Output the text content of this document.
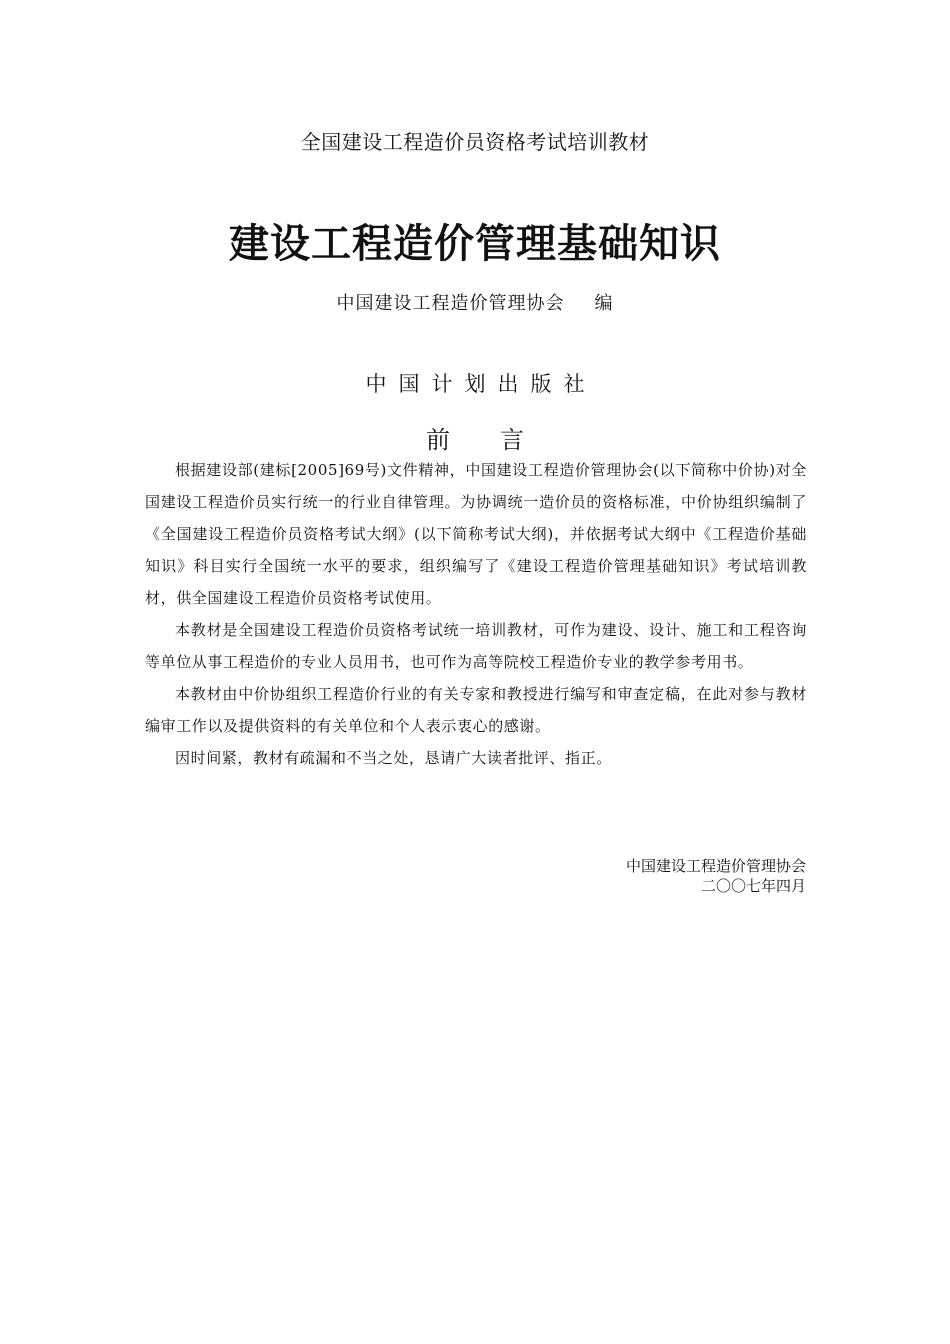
全国建设工程造价员资格考试培训教材
建设工程造价管理基础知识
中国建设工程造价管理协会 编
中国计划出版社
前言

根据建设部(建标[2005]69号)文件精神，中国建设工程造价管理协会(以下简称中价协)对全国建设工程造价员实行统一的行业自律管理。为协调统一造价员的资格标准，中价协组织编制了《全国建设工程造价员资格考试大纲》(以下简称考试大纲)，并依据考试大纲中《工程造价基础知识》科目实行全国统一水平的要求，组织编写了《建设工程造价管理基础知识》考试培训教材，供全国建设工程造价员资格考试使用。

本教材是全国建设工程造价员资格考试统一培训教材，可作为建设、设计、施工和工程咨询等单位从事工程造价的专业人员用书，也可作为高等院校工程造价专业的教学参考用书。

本教材由中价协组织工程造价行业的有关专家和教授进行编写和审查定稿，在此对参与教材编审工作以及提供资料的有关单位和个人表示衷心的感谢。

因时间紧，教材有疏漏和不当之处，恳请广大读者批评、指正。

中国建设工程造价管理协会
二〇〇七年四月
